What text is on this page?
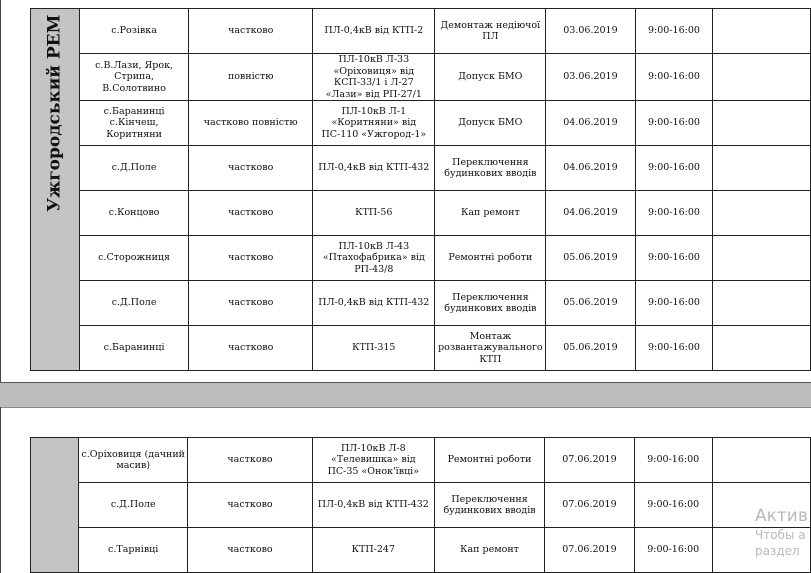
Ужгородський РЕМ	с.Розівка	частково	ПЛ-0,4кВ від КТП-2	Демонтаж недіючої ПЛ	03.06.2019	9:00-16:00	
	с.В.Лази, Ярок, Стрипа, В.Солотвино	повністю	ПЛ-10кВ Л-33 «Оріховиця» від КСП-33/1 і Л-27 «Лази» від РП-27/1	Допуск БМО	03.06.2019	9:00-16:00	
	с.Баранинці с.Кінчеш, Коритняни	частково повністю	ПЛ-10кВ Л-1 «Коритняни» від ПС-110 «Ужгород-1»	Допуск БМО	04.06.2019	9:00-16:00	
	с.Д.Поле	частково	ПЛ-0,4кВ від КТП-432	Переключення будинкових вводів	04.06.2019	9:00-16:00	
	с.Концово	частково	КТП-56	Кап ремонт	04.06.2019	9:00-16:00	
	с.Сторожниця	частково	ПЛ-10кВ Л-43 «Птахофабрика» від РП-43/8	Ремонтні роботи	05.06.2019	9:00-16:00	
	с.Д.Поле	частково	ПЛ-0,4кВ від КТП-432	Переключення будинкових вводів	05.06.2019	9:00-16:00	
	с.Баранинці	частково	КТП-315	Монтаж розвантажувального КТП	05.06.2019	9:00-16:00	
	с.Оріховиця (дачний масив)	частково	ПЛ-10кВ Л-8 «Телевишка» від ПС-35 «Онок'ївці»	Ремонтні роботи	07.06.2019	9:00-16:00	
	с.Д.Поле	частково	ПЛ-0,4кВ від КТП-432	Переключення будинкових вводів	07.06.2019	9:00-16:00	
	с.Тарнівці	частково	КТП-247	Кап ремонт	07.06.2019	9:00-16:00	
Актив
Чтобы а
раздел
